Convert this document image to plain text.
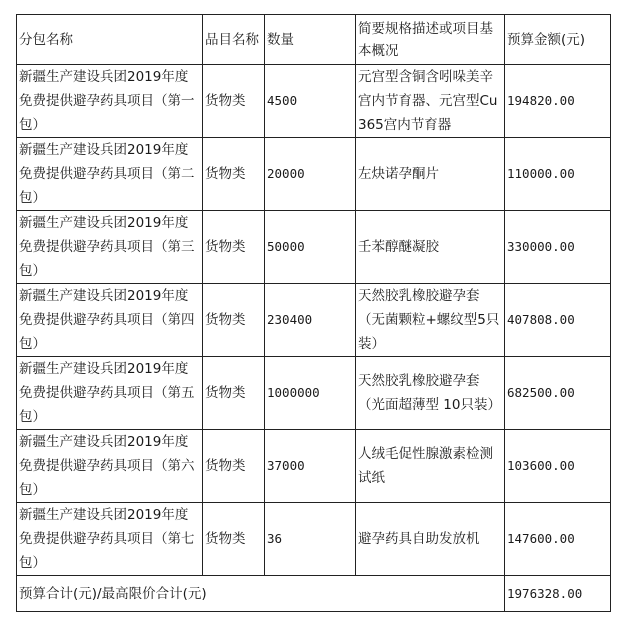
分包名称	品目名称	数量	简要规格描述或项目基本概况	预算金额(元)
新疆生产建设兵团2019年度免费提供避孕药具项目（第一包）	货物类	4500	元宫型含铜含吲哚美辛宫内节育器、元宫型Cu365宫内节育器	194820.00
新疆生产建设兵团2019年度免费提供避孕药具项目（第二包）	货物类	20000	左炔诺孕酮片	110000.00
新疆生产建设兵团2019年度免费提供避孕药具项目（第三包）	货物类	50000	壬苯醇醚凝胶	330000.00
新疆生产建设兵团2019年度免费提供避孕药具项目（第四包）	货物类	230400	天然胶乳橡胶避孕套（无菌颗粒+螺纹型5只装）	407808.00
新疆生产建设兵团2019年度免费提供避孕药具项目（第五包）	货物类	1000000	天然胶乳橡胶避孕套（光面超薄型 10只装）	682500.00
新疆生产建设兵团2019年度免费提供避孕药具项目（第六包）	货物类	37000	人绒毛促性腺激素检测试纸	103600.00
新疆生产建设兵团2019年度免费提供避孕药具项目（第七包）	货物类	36	避孕药具自助发放机	147600.00
预算合计(元)/最高限价合计(元)				1976328.00
